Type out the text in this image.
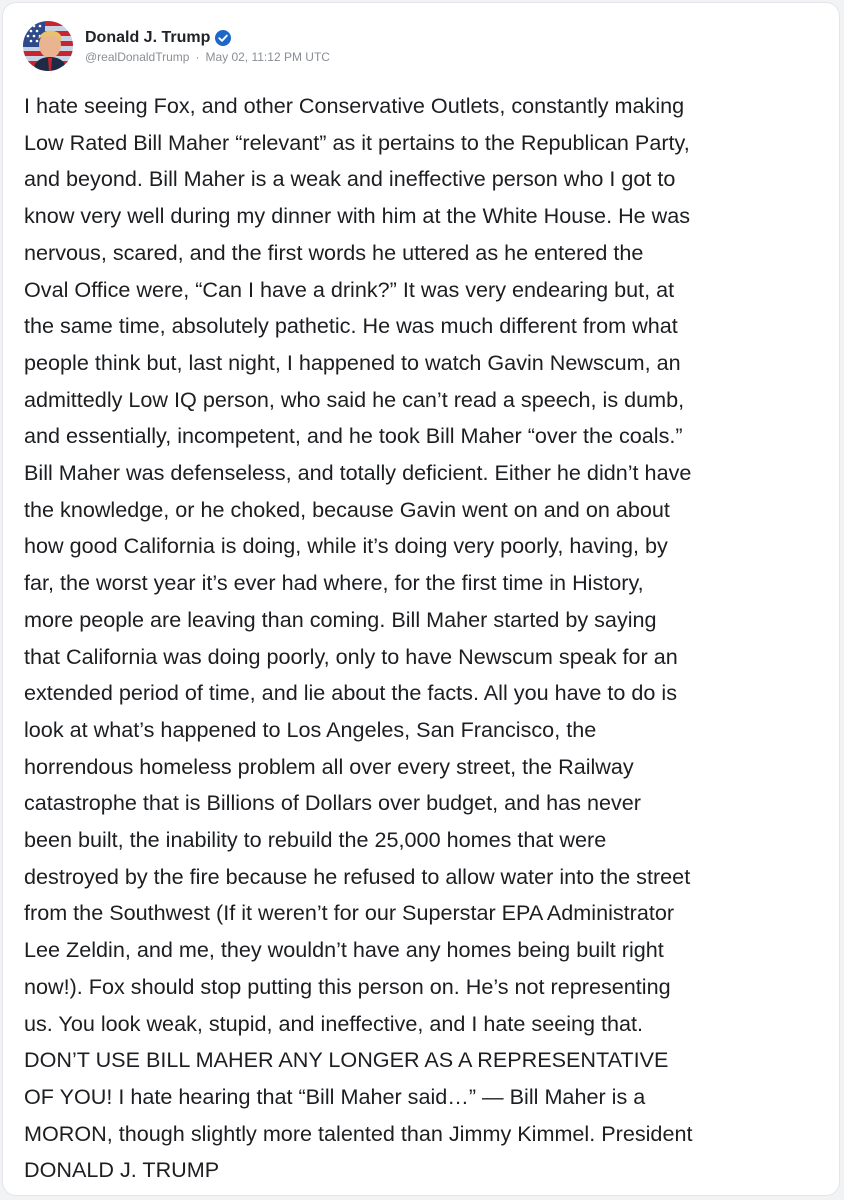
Donald J. Trump
@realDonaldTrump · May 02, 11:12 PM UTC

I hate seeing Fox, and other Conservative Outlets, constantly making
Low Rated Bill Maher “relevant” as it pertains to the Republican Party,
and beyond. Bill Maher is a weak and ineffective person who I got to
know very well during my dinner with him at the White House. He was
nervous, scared, and the first words he uttered as he entered the
Oval Office were, “Can I have a drink?” It was very endearing but, at
the same time, absolutely pathetic. He was much different from what
people think but, last night, I happened to watch Gavin Newscum, an
admittedly Low IQ person, who said he can’t read a speech, is dumb,
and essentially, incompetent, and he took Bill Maher “over the coals.”
Bill Maher was defenseless, and totally deficient. Either he didn’t have
the knowledge, or he choked, because Gavin went on and on about
how good California is doing, while it’s doing very poorly, having, by
far, the worst year it’s ever had where, for the first time in History,
more people are leaving than coming. Bill Maher started by saying
that California was doing poorly, only to have Newscum speak for an
extended period of time, and lie about the facts. All you have to do is
look at what’s happened to Los Angeles, San Francisco, the
horrendous homeless problem all over every street, the Railway
catastrophe that is Billions of Dollars over budget, and has never
been built, the inability to rebuild the 25,000 homes that were
destroyed by the fire because he refused to allow water into the street
from the Southwest (If it weren’t for our Superstar EPA Administrator
Lee Zeldin, and me, they wouldn’t have any homes being built right
now!). Fox should stop putting this person on. He’s not representing
us. You look weak, stupid, and ineffective, and I hate seeing that.
DON’T USE BILL MAHER ANY LONGER AS A REPRESENTATIVE
OF YOU! I hate hearing that “Bill Maher said…” — Bill Maher is a
MORON, though slightly more talented than Jimmy Kimmel. President
DONALD J. TRUMP
